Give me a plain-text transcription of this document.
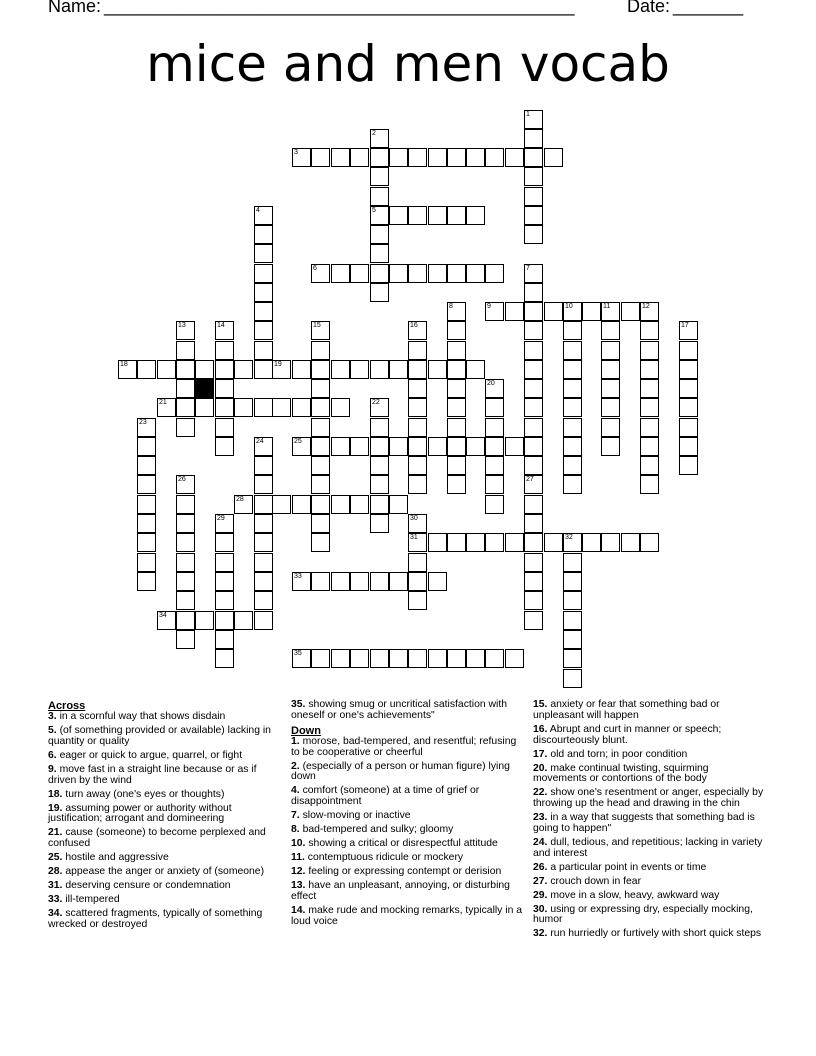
Name: _______________________________________________	Date: _______
mice and men vocab
1
2
5
3
4
6	7
9	10	11	12
8
17
13	14	15	16
18	19
20
21	22
23
24	25
26	27
28
29	30
31	32
33
34
35
Across
3. in a scornful way that shows disdain
5. (of something provided or available) lacking in quantity or quality
6. eager or quick to argue, quarrel, or fight
9. move fast in a straight line because or as if driven by the wind
18. turn away (one's eyes or thoughts)
19. assuming power or authority without justification; arrogant and domineering
21. cause (someone) to become perplexed and confused
25. hostile and aggressive
28. appease the anger or anxiety of (someone)
31. deserving censure or condemnation
33. ill-tempered
34. scattered fragments, typically of something wrecked or destroyed
35. showing smug or uncritical satisfaction with oneself or one's achievements"
Down
1. morose, bad-tempered, and resentful; refusing to be cooperative or cheerful
2. (especially of a person or human figure) lying down
4. comfort (someone) at a time of grief or disappointment
7. slow-moving or inactive
8. bad-tempered and sulky; gloomy
10. showing a critical or disrespectful attitude
11. contemptuous ridicule or mockery
12. feeling or expressing contempt or derision
13. have an unpleasant, annoying, or disturbing effect
14. make rude and mocking remarks, typically in a loud voice
15. anxiety or fear that something bad or unpleasant will happen
16. Abrupt and curt in manner or speech; discourteously blunt.
17. old and torn; in poor condition
20. make continual twisting, squirming movements or contortions of the body
22. show one's resentment or anger, especially by throwing up the head and drawing in the chin
23. in a way that suggests that something bad is going to happen"
24. dull, tedious, and repetitious; lacking in variety and interest
26. a particular point in events or time
27. crouch down in fear
29. move in a slow, heavy, awkward way
30. using or expressing dry, especially mocking, humor
32. run hurriedly or furtively with short quick steps
